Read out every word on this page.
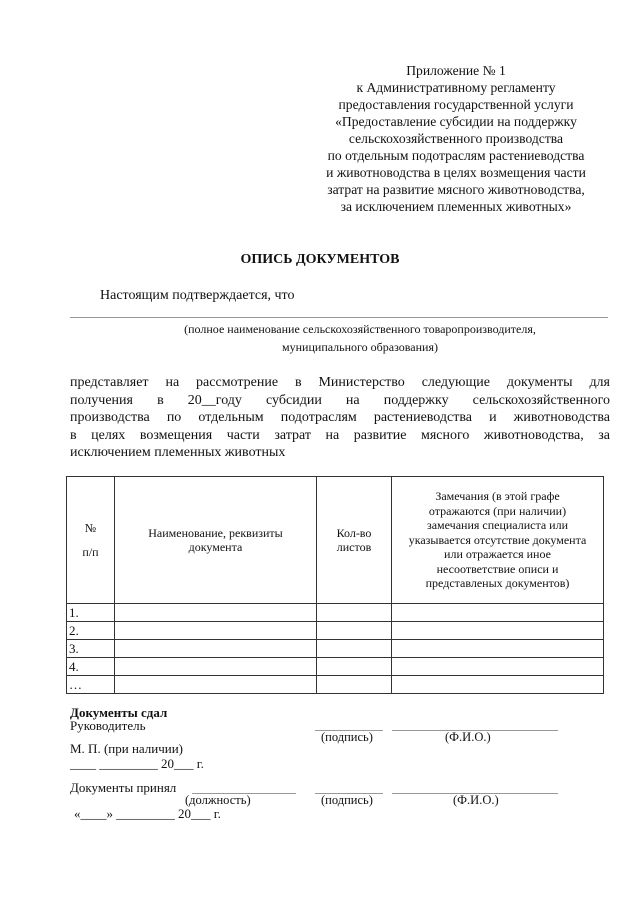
Приложение № 1
к Административному регламенту
предоставления государственной услуги
«Предоставление субсидии на поддержку
сельскохозяйственного производства
по отдельным подотраслям растениеводства
и животноводства в целях возмещения части
затрат на развитие мясного животноводства,
за исключением племенных животных»
ОПИСЬ ДОКУМЕНТОВ
Настоящим подтверждается, что
(полное наименование сельскохозяйственного товаропроизводителя,
муниципального образования)
представляет на рассмотрение в Министерство следующие документы для
получения в 20__году субсидии на поддержку сельскохозяйственного
производства по отдельным подотраслям растениеводства и животноводства
в целях возмещения части затрат на развитие мясного животноводства, за
исключением племенных животных
№
п/п	Наименование, реквизиты документа	Кол-во листов	Замечания (в этой графе отражаются (при наличии) замечания специалиста или указывается отсутствие документа или отражается иное несоответствие описи и представленых документов)
1.			
2.			
3.			
4.			
…			
Документы сдал
Руководитель
(подпись)	(Ф.И.О.)
М. П. (при наличии)
____ _________ 20___ г.
Документы принял
(должность)	(подпись)	(Ф.И.О.)
«____» _________ 20___ г.
